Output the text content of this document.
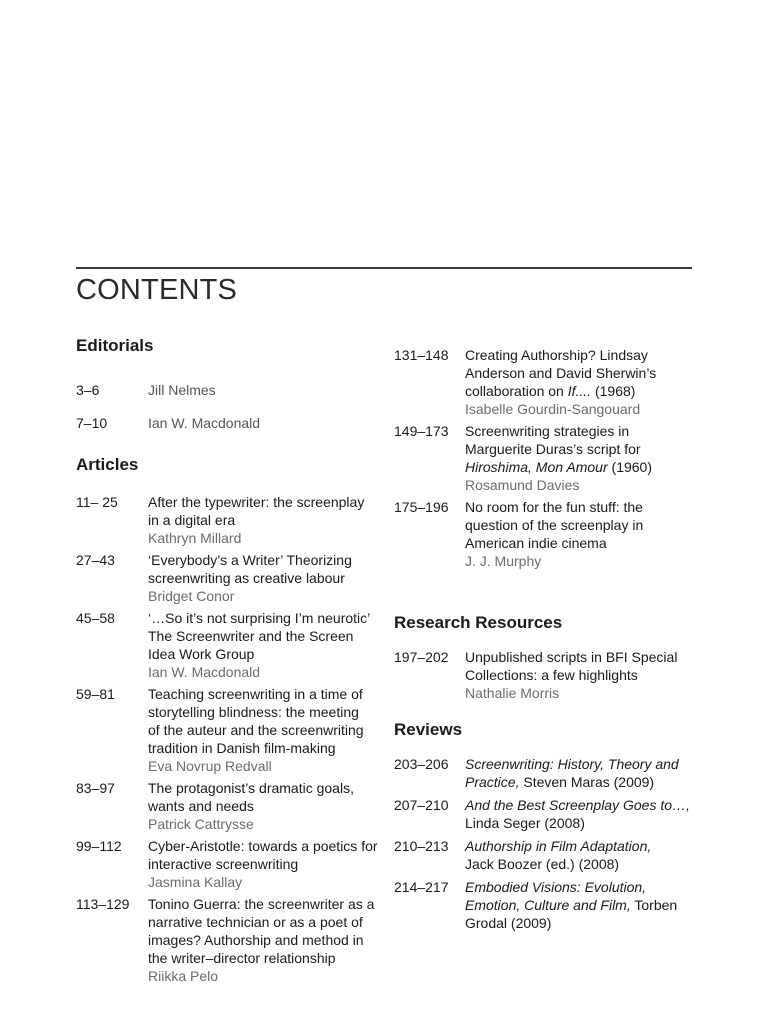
CONTENTS
Editorials
3–6	Jill Nelmes
7–10	Ian W. Macdonald
Articles
11– 25	After the typewriter: the screenplay
in a digital era
Kathryn Millard
27–43	‘Everybody’s a Writer’ Theorizing
screenwriting as creative labour
Bridget Conor
45–58	‘…So it’s not surprising I’m neurotic’
The Screenwriter and the Screen
Idea Work Group
Ian W. Macdonald
59–81	Teaching screenwriting in a time of
storytelling blindness: the meeting
of the auteur and the screenwriting
tradition in Danish film-making
Eva Novrup Redvall
83–97	The protagonist’s dramatic goals,
wants and needs
Patrick Cattrysse
99–112	Cyber-Aristotle: towards a poetics for
interactive screenwriting
Jasmina Kallay
113–129	Tonino Guerra: the screenwriter as a
narrative technician or as a poet of
images? Authorship and method in
the writer–director relationship
Riikka Pelo
131–148	Creating Authorship? Lindsay
Anderson and David Sherwin’s
collaboration on If.... (1968)
Isabelle Gourdin-Sangouard
149–173	Screenwriting strategies in
Marguerite Duras’s script for
Hiroshima, Mon Amour (1960)
Rosamund Davies
175–196	No room for the fun stuff: the
question of the screenplay in
American indie cinema
J. J. Murphy
Research Resources
197–202	Unpublished scripts in BFI Special
Collections: a few highlights
Nathalie Morris
Reviews
203–206	Screenwriting: History, Theory and
Practice, Steven Maras (2009)
207–210	And the Best Screenplay Goes to…,
Linda Seger (2008)
210–213	Authorship in Film Adaptation,
Jack Boozer (ed.) (2008)
214–217	Embodied Visions: Evolution,
Emotion, Culture and Film, Torben
Grodal (2009)
